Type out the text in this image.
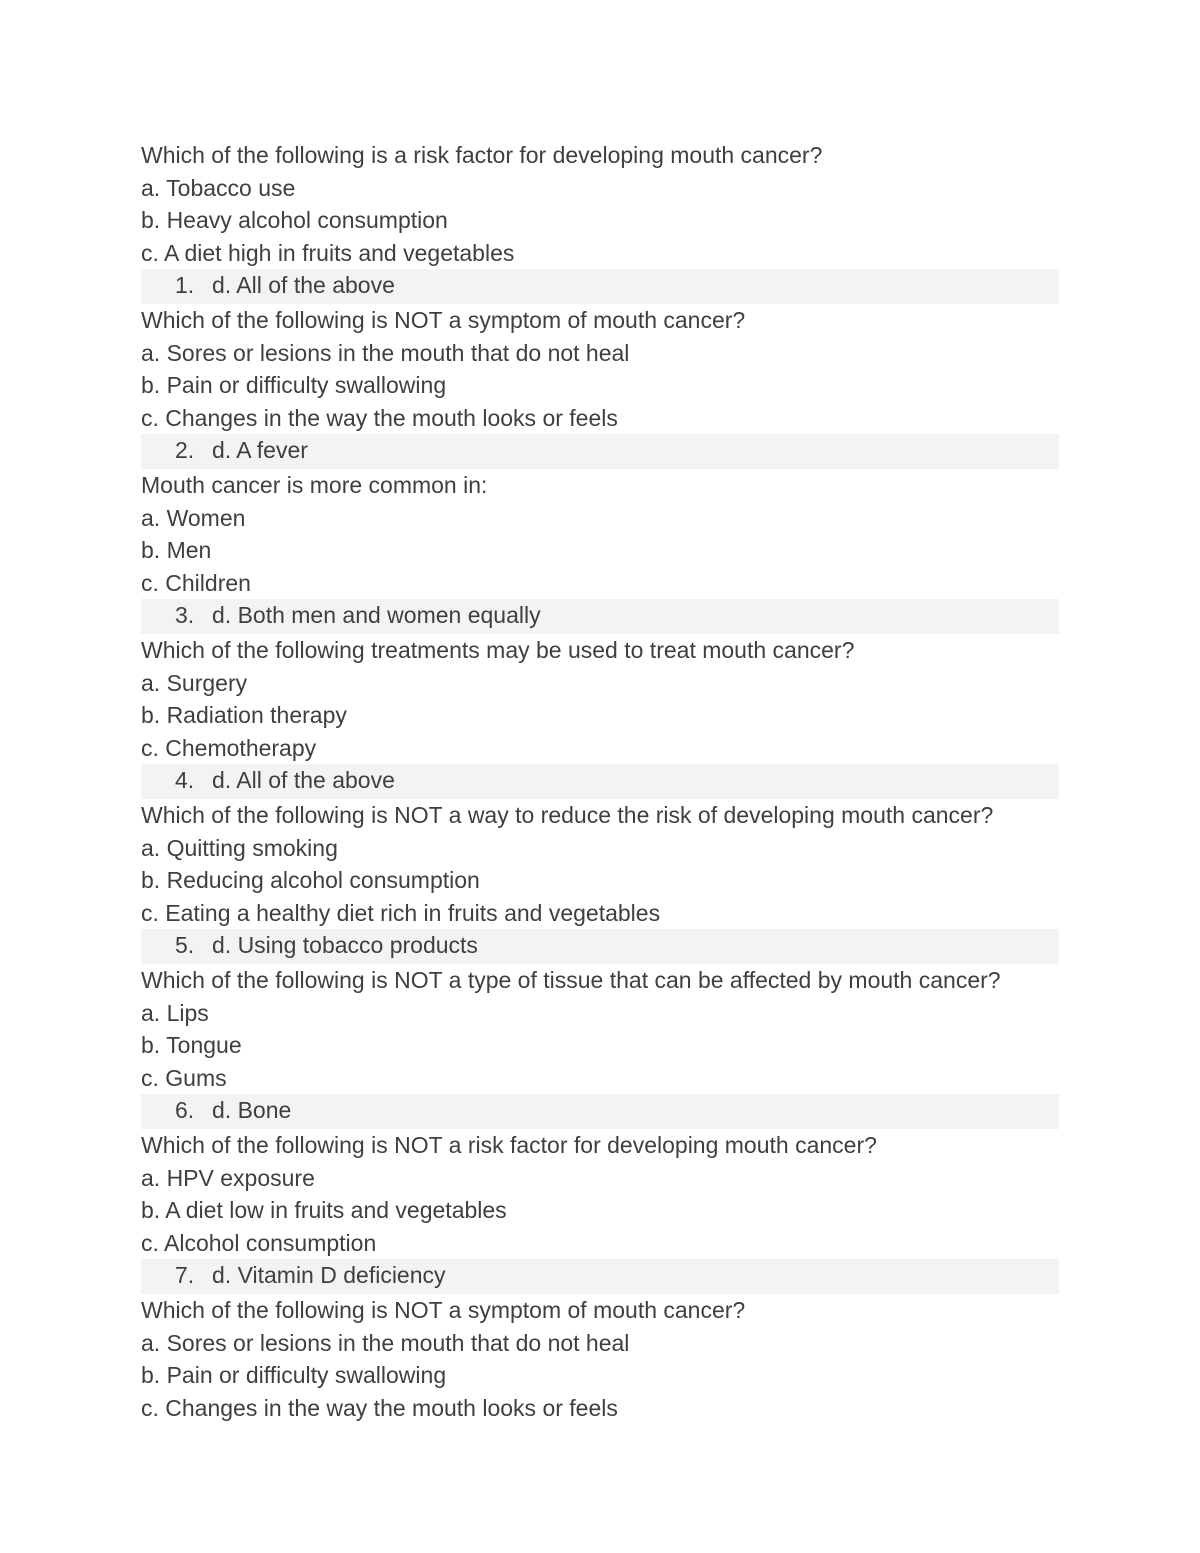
Which of the following is a risk factor for developing mouth cancer?
a. Tobacco use
b. Heavy alcohol consumption
c. A diet high in fruits and vegetables
1. d. All of the above
Which of the following is NOT a symptom of mouth cancer?
a. Sores or lesions in the mouth that do not heal
b. Pain or difficulty swallowing
c. Changes in the way the mouth looks or feels
2. d. A fever
Mouth cancer is more common in:
a. Women
b. Men
c. Children
3. d. Both men and women equally
Which of the following treatments may be used to treat mouth cancer?
a. Surgery
b. Radiation therapy
c. Chemotherapy
4. d. All of the above
Which of the following is NOT a way to reduce the risk of developing mouth cancer?
a. Quitting smoking
b. Reducing alcohol consumption
c. Eating a healthy diet rich in fruits and vegetables
5. d. Using tobacco products
Which of the following is NOT a type of tissue that can be affected by mouth cancer?
a. Lips
b. Tongue
c. Gums
6. d. Bone
Which of the following is NOT a risk factor for developing mouth cancer?
a. HPV exposure
b. A diet low in fruits and vegetables
c. Alcohol consumption
7. d. Vitamin D deficiency
Which of the following is NOT a symptom of mouth cancer?
a. Sores or lesions in the mouth that do not heal
b. Pain or difficulty swallowing
c. Changes in the way the mouth looks or feels
